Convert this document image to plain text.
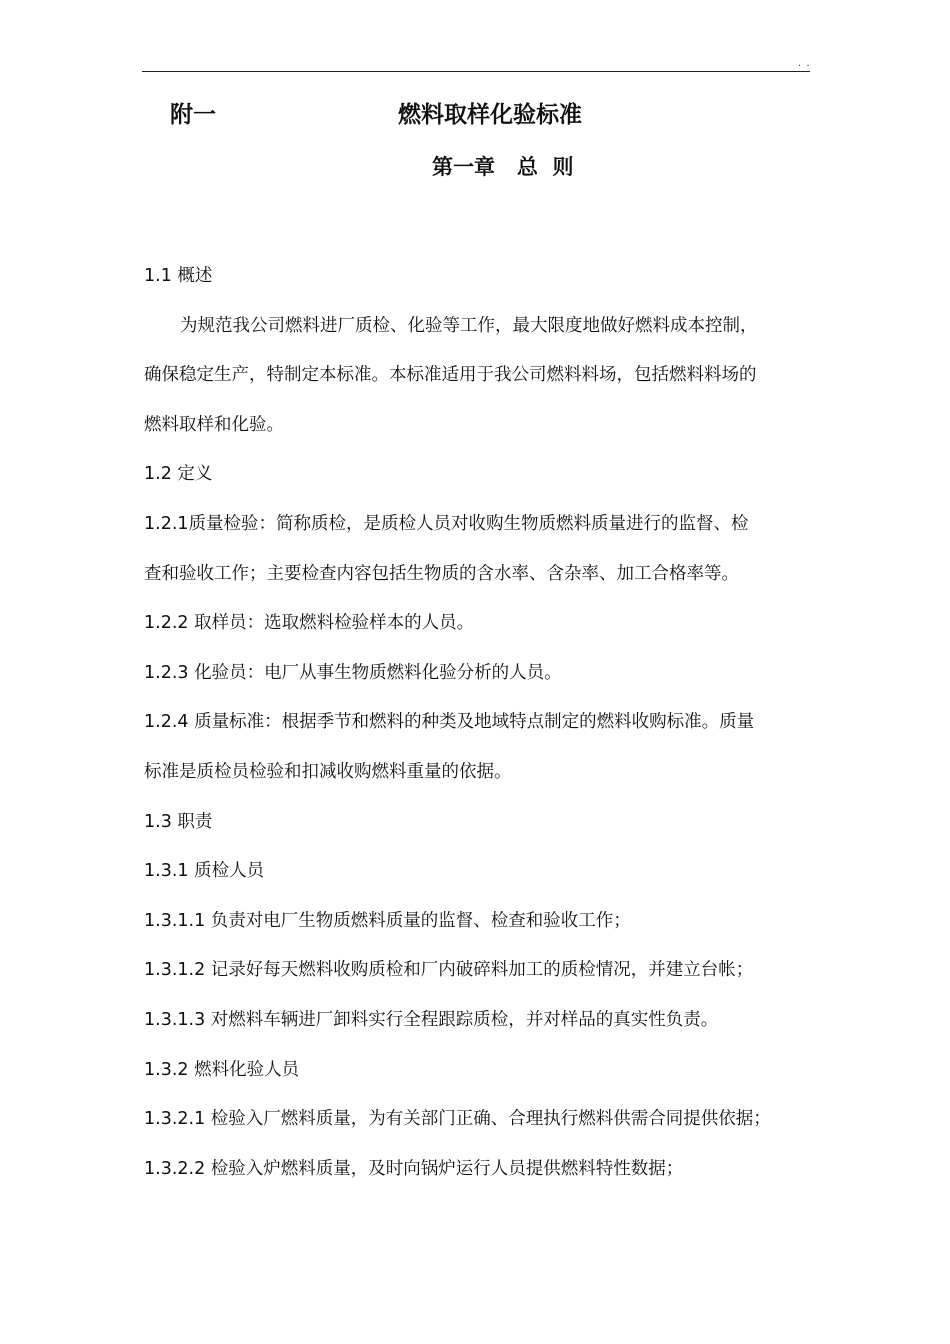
. .
附一	燃料取样化验标准
第一章   总  则
1.1 概述
为规范我公司燃料进厂质检、化验等工作，最大限度地做好燃料成本控制，
确保稳定生产，特制定本标准。本标准适用于我公司燃料料场，包括燃料料场的
燃料取样和化验。
1.2 定义
1.2.1质量检验：简称质检，是质检人员对收购生物质燃料质量进行的监督、检
查和验收工作；主要检查内容包括生物质的含水率、含杂率、加工合格率等。
1.2.2 取样员：选取燃料检验样本的人员。
1.2.3 化验员：电厂从事生物质燃料化验分析的人员。
1.2.4 质量标准：根据季节和燃料的种类及地域特点制定的燃料收购标准。质量
标准是质检员检验和扣减收购燃料重量的依据。
1.3 职责
1.3.1 质检人员
1.3.1.1 负责对电厂生物质燃料质量的监督、检查和验收工作；
1.3.1.2 记录好每天燃料收购质检和厂内破碎料加工的质检情况，并建立台帐；
1.3.1.3 对燃料车辆进厂卸料实行全程跟踪质检，并对样品的真实性负责。
1.3.2 燃料化验人员
1.3.2.1 检验入厂燃料质量，为有关部门正确、合理执行燃料供需合同提供依据；
1.3.2.2 检验入炉燃料质量，及时向锅炉运行人员提供燃料特性数据；
